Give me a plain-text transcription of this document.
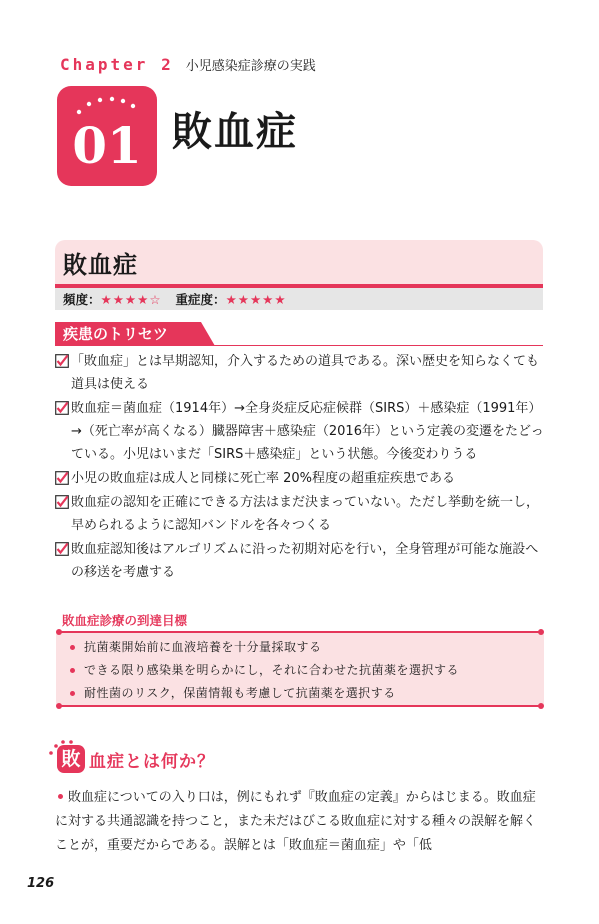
Chapter 2 小児感染症診療の実践
01 敗血症
敗血症
頻度：★★★★☆ 重症度：★★★★★
疾患のトリセツ
「敗血症」とは早期認知，介入するための道具である。深い歴史を知らなくても道具は使える
敗血症＝菌血症（1914年）→全身炎症反応症候群（SIRS）＋感染症（1991年）→（死亡率が高くなる）臓器障害＋感染症（2016年）という定義の変遷をたどっている。小児はいまだ「SIRS＋感染症」という状態。今後変わりうる
小児の敗血症は成人と同様に死亡率 20%程度の超重症疾患である
敗血症の認知を正確にできる方法はまだ決まっていない。ただし挙動を統一し，早められるように認知バンドルを各々つくる
敗血症認知後はアルゴリズムに沿った初期対応を行い，全身管理が可能な施設への移送を考慮する
敗血症診療の到達目標
抗菌薬開始前に血液培養を十分量採取する
できる限り感染巣を明らかにし，それに合わせた抗菌薬を選択する
耐性菌のリスク，保菌情報も考慮して抗菌薬を選択する
敗 血症とは何か？
敗血症についての入り口は，例にもれず『敗血症の定義』からはじまる。敗血症に対する共通認識を持つこと，また未だはびこる敗血症に対する種々の誤解を解くことが，重要だからである。誤解とは「敗血症＝菌血症」や「低
126
